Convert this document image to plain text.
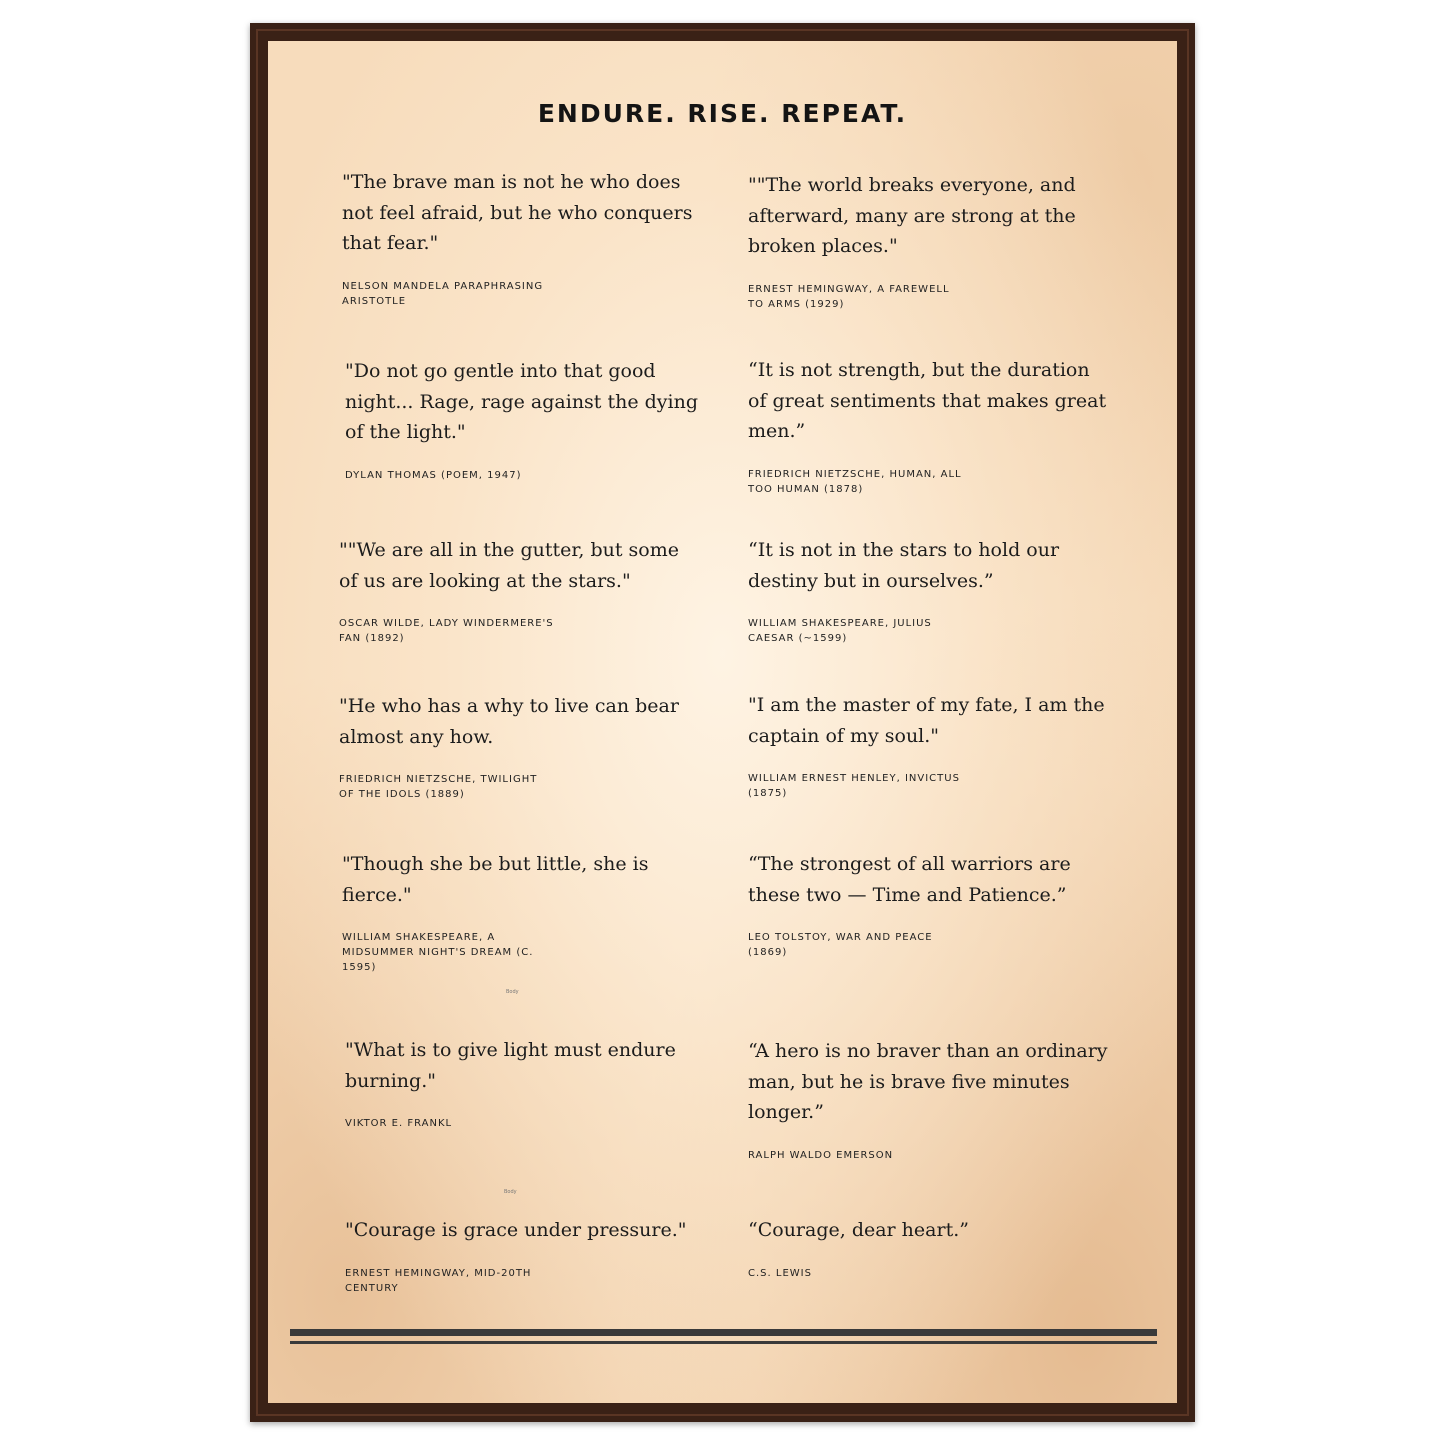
ENDURE. RISE. REPEAT.

"The brave man is not he who does not feel afraid, but he who conquers that fear."

NELSON MANDELA PARAPHRASING ARISTOTLE

""The world breaks everyone, and afterward, many are strong at the broken places."

ERNEST HEMINGWAY, A FAREWELL TO ARMS (1929)

"Do not go gentle into that good night... Rage, rage against the dying of the light."

DYLAN THOMAS (POEM, 1947)

“It is not strength, but the duration of great sentiments that makes great men.”

FRIEDRICH NIETZSCHE, HUMAN, ALL TOO HUMAN (1878)

""We are all in the gutter, but some of us are looking at the stars."

OSCAR WILDE, LADY WINDERMERE'S FAN (1892)

“It is not in the stars to hold our destiny but in ourselves.”

WILLIAM SHAKESPEARE, JULIUS CAESAR (~1599)

"He who has a why to live can bear almost any how.

FRIEDRICH NIETZSCHE, TWILIGHT OF THE IDOLS (1889)

"I am the master of my fate, I am the captain of my soul."

WILLIAM ERNEST HENLEY, INVICTUS (1875)

"Though she be but little, she is fierce."

WILLIAM SHAKESPEARE, A MIDSUMMER NIGHT'S DREAM (C. 1595)

“The strongest of all warriors are these two — Time and Patience.”

LEO TOLSTOY, WAR AND PEACE (1869)
Body

"What is to give light must endure burning."

VIKTOR E. FRANKL

“A hero is no braver than an ordinary man, but he is brave five minutes longer.”

RALPH WALDO EMERSON
Body

"Courage is grace under pressure."

ERNEST HEMINGWAY, MID-20TH CENTURY

“Courage, dear heart.”

C.S. LEWIS
